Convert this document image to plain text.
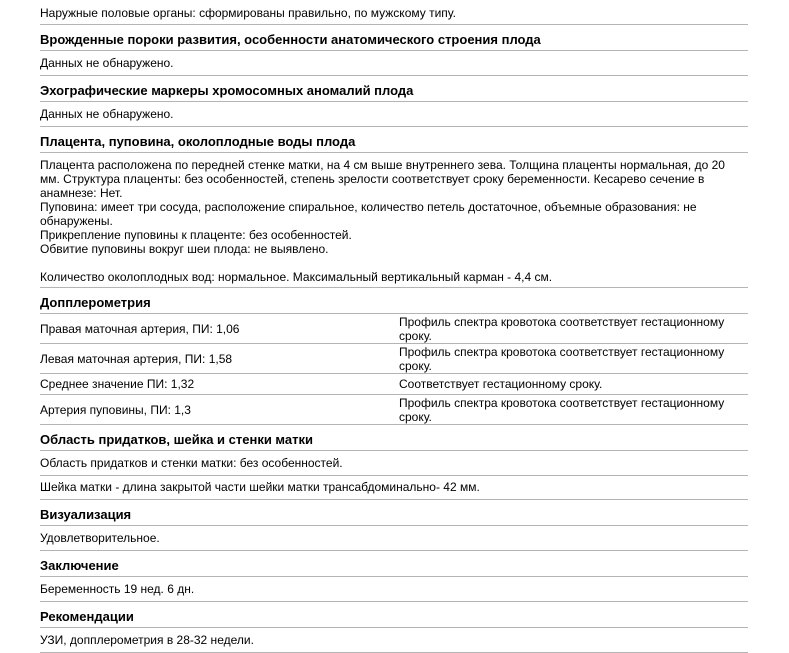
Наружные половые органы: сформированы правильно, по мужскому типу.
Врожденные пороки развития, особенности анатомического строения плода
Данных не обнаружено.
Эхографические маркеры хромосомных аномалий плода
Данных не обнаружено.
Плацента, пуповина, околоплодные воды плода

Плацента расположена по передней стенке матки, на 4 см выше внутреннего зева. Толщина плаценты нормальная, до 20 мм. Структура плаценты: без особенностей, степень зрелости соответствует сроку беременности. Кесарево сечение в анамнезе: Нет.

Пуповина: имеет три сосуда, расположение спиральное, количество петель достаточное, объемные образования: не обнаружены.

Прикрепление пуповины к плаценте: без особенностей.

Обвитие пуповины вокруг шеи плода: не выявлено.

Количество околоплодных вод: нормальное. Максимальный вертикальный карман - 4,4 см.

Допплерометрия
Правая маточная артерия, ПИ: 1,06	Профиль спектра кровотока соответствует гестационному сроку.
Левая маточная артерия, ПИ: 1,58	Профиль спектра кровотока соответствует гестационному сроку.
Среднее значение ПИ: 1,32	Соответствует гестационному сроку.
Артерия пуповины, ПИ: 1,3	Профиль спектра кровотока соответствует гестационному сроку.
Область придатков, шейка и стенки матки
Область придатков и стенки матки: без особенностей.
Шейка матки - длина закрытой части шейки матки трансабдоминально- 42 мм.
Визуализация
Удовлетворительное.
Заключение
Беременность 19 нед. 6 дн.
Рекомендации
УЗИ, допплерометрия в 28-32 недели.
